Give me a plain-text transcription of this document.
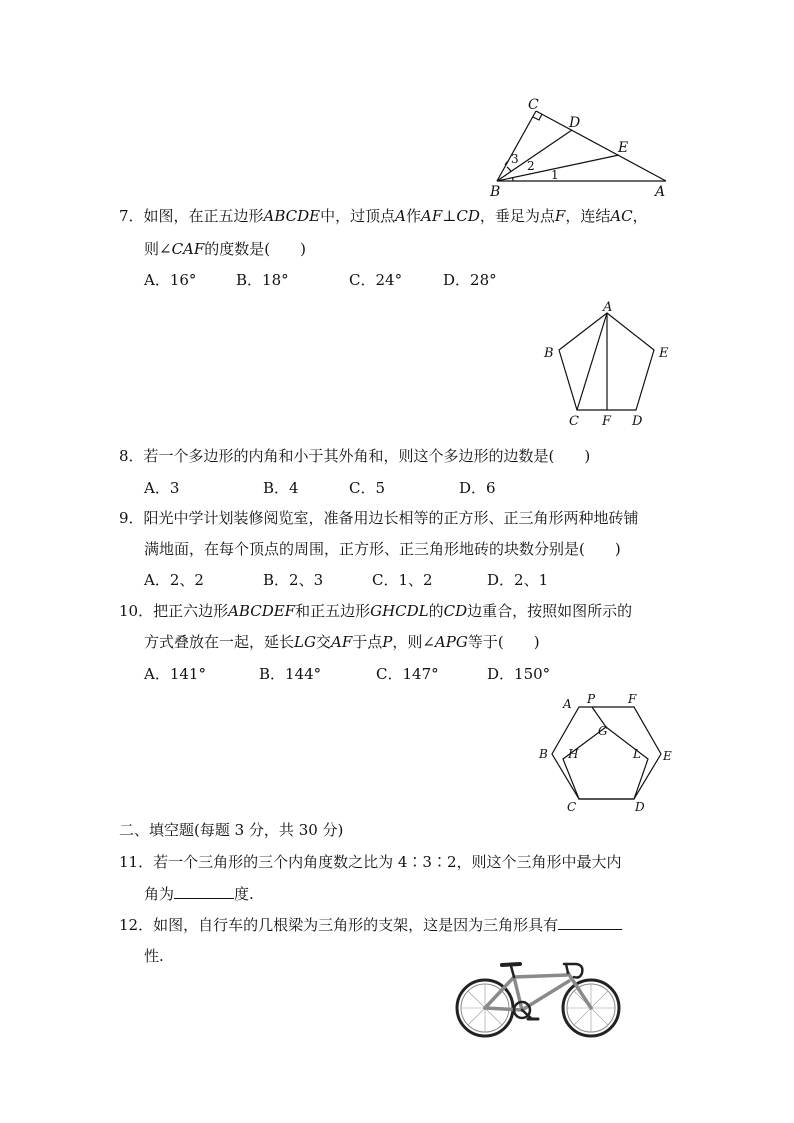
C
D
E
B	A
3 2
1
7．如图，在正五边形ABCDE中，过顶点A作AF⊥CD，垂足为点F，连结AC，
则∠CAF的度数是(　　)
A．16°	B．18°	C．24°	D．28°
A
B	E
C F D
8．若一个多边形的内角和小于其外角和，则这个多边形的边数是(　　)
A．3	B．4	C．5	D．6
9．阳光中学计划装修阅览室，准备用边长相等的正方形、正三角形两种地砖铺
满地面，在每个顶点的周围，正方形、正三角形地砖的块数分别是(　　)
A．2、2	B．2、3	C．1、2	D．2、1
10．把正六边形ABCDEF和正五边形GHCDL的CD边重合，按照如图所示的
方式叠放在一起，延长LG交AF于点P，则∠APG等于(　　)
A．141°	B．144°	C．147°	D．150°
A P	F
G
B H	L E
C	D
二、填空题(每题 3 分，共 30 分)
11．若一个三角形的三个内角度数之比为 4∶3∶2，则这个三角形中最大内
角为	度.
12．如图，自行车的几根梁为三角形的支架，这是因为三角形具有
性.
